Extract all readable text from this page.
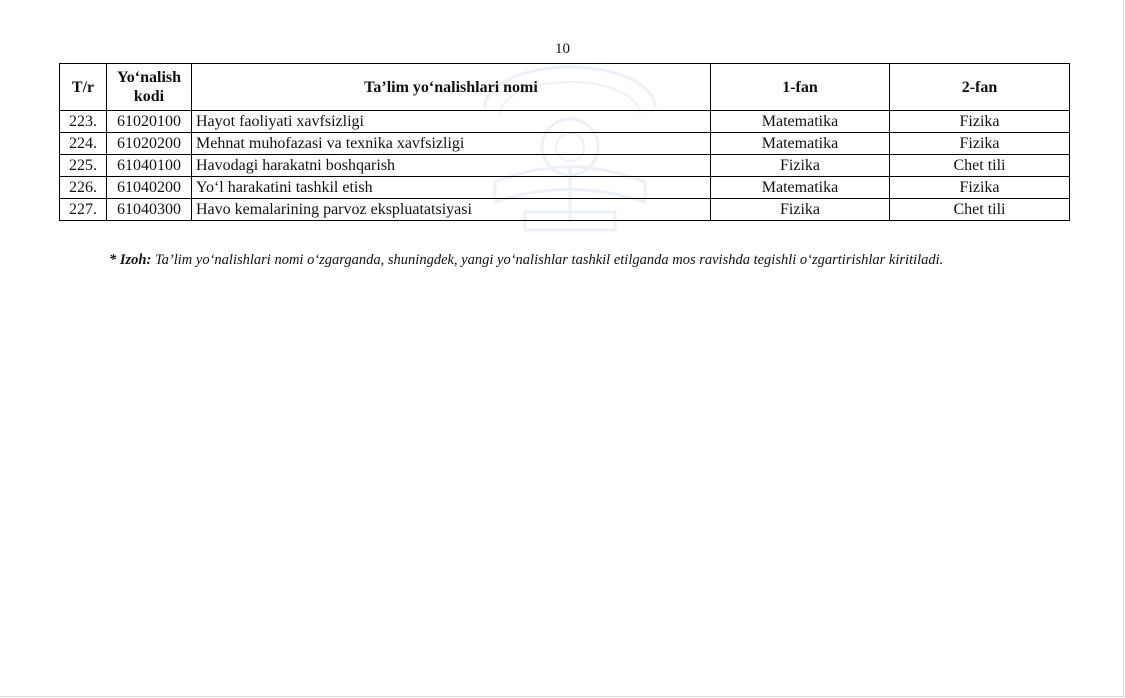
10
T/r	Yo‘nalish kodi	Ta’lim yo‘nalishlari nomi	1-fan	2-fan
223.	61020100	Hayot faoliyati xavfsizligi	Matematika	Fizika
224.	61020200	Mehnat muhofazasi va texnika xavfsizligi	Matematika	Fizika
225.	61040100	Havodagi harakatni boshqarish	Fizika	Chet tili
226.	61040200	Yo‘l harakatini tashkil etish	Matematika	Fizika
227.	61040300	Havo kemalarining parvoz ekspluatatsiyasi	Fizika	Chet tili
* Izoh: Ta’lim yo‘nalishlari nomi o‘zgarganda, shuningdek, yangi yo‘nalishlar tashkil etilganda mos ravishda tegishli o‘zgartirishlar kiritiladi.
